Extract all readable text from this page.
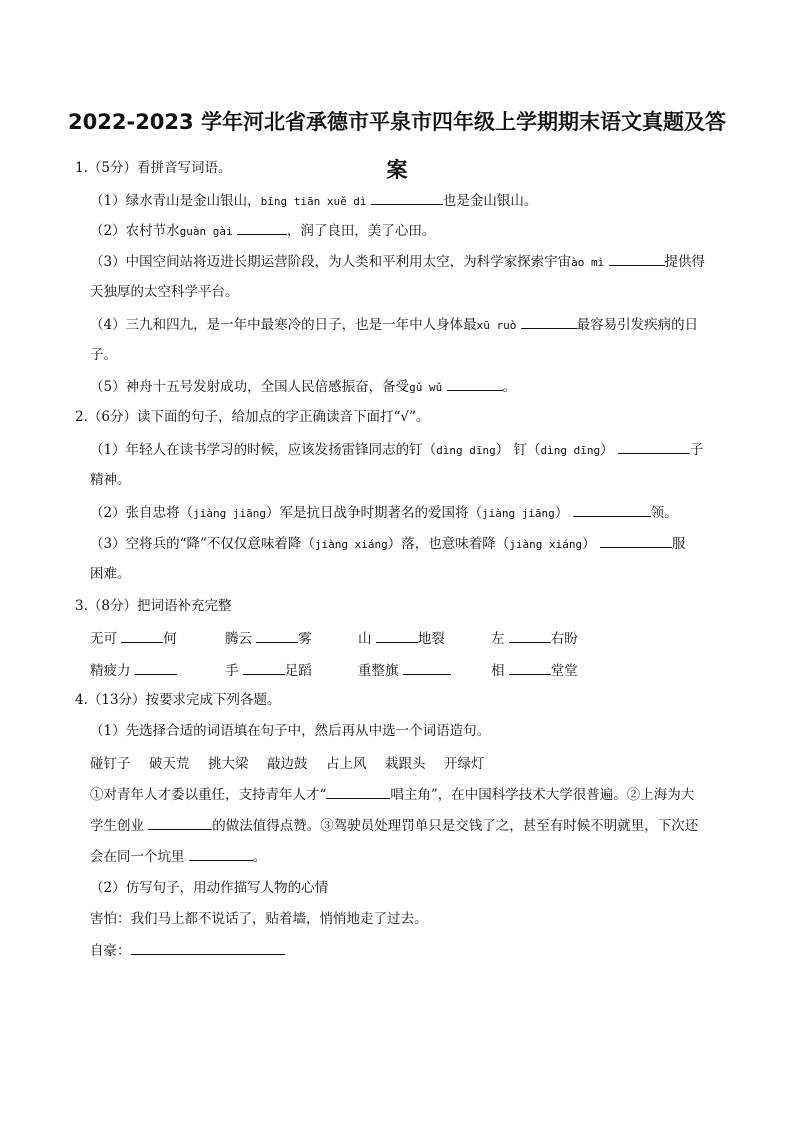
2022-2023 学年河北省承德市平泉市四年级上学期期末语文真题及答
案
1.（5分）看拼音写词语。
（1）绿水青山是金山银山，bīng tiān xuě dì	也是金山银山。
（2）农村节水guàn gài	，润了良田，美了心田。
（3）中国空间站将迈进长期运营阶段，为人类和平利用太空，为科学家探索宇宙ào mì	提供得
天独厚的太空科学平台。
（4）三九和四九，是一年中最寒冷的日子，也是一年中人身体最xū ruò	最容易引发疾病的日
子。
（5）神舟十五号发射成功，全国人民倍感振奋，备受gǔ wǔ	。
2.（6分）读下面的句子，给加点的字正确读音下面打“√”。
（1）年轻人在读书学习的时候，应该发扬雷锋同志的钉（dìng dīng） 钉（dìng dīng）	子
精神。
（2）张自忠将（jiàng jiāng）军是抗日战争时期著名的爱国将（jiàng jiāng）	领。
（3）空将兵的“降”不仅仅意味着降（jiàng xiáng）落，也意味着降（jiàng xiáng）	服
困难。
3.（8分）把词语补充完整
无可	何	腾云	雾	山	地裂	左	右盼
精疲力	手	足蹈	重整旗	相	堂堂
4.（13分）按要求完成下列各题。
（1）先选择合适的词语填在句子中，然后再从中选一个词语造句。
碰钉子 破天荒 挑大梁 敲边鼓 占上风 栽跟头 开绿灯
①对青年人才委以重任，支持青年人才“	唱主角”，在中国科学技术大学很普遍。②上海为大
学生创业	的做法值得点赞。③驾驶员处理罚单只是交钱了之，甚至有时候不明就里，下次还
会在同一个坑里	。
（2）仿写句子，用动作描写人物的心情
害怕：我们马上都不说话了，贴着墙，悄悄地走了过去。
自豪：
